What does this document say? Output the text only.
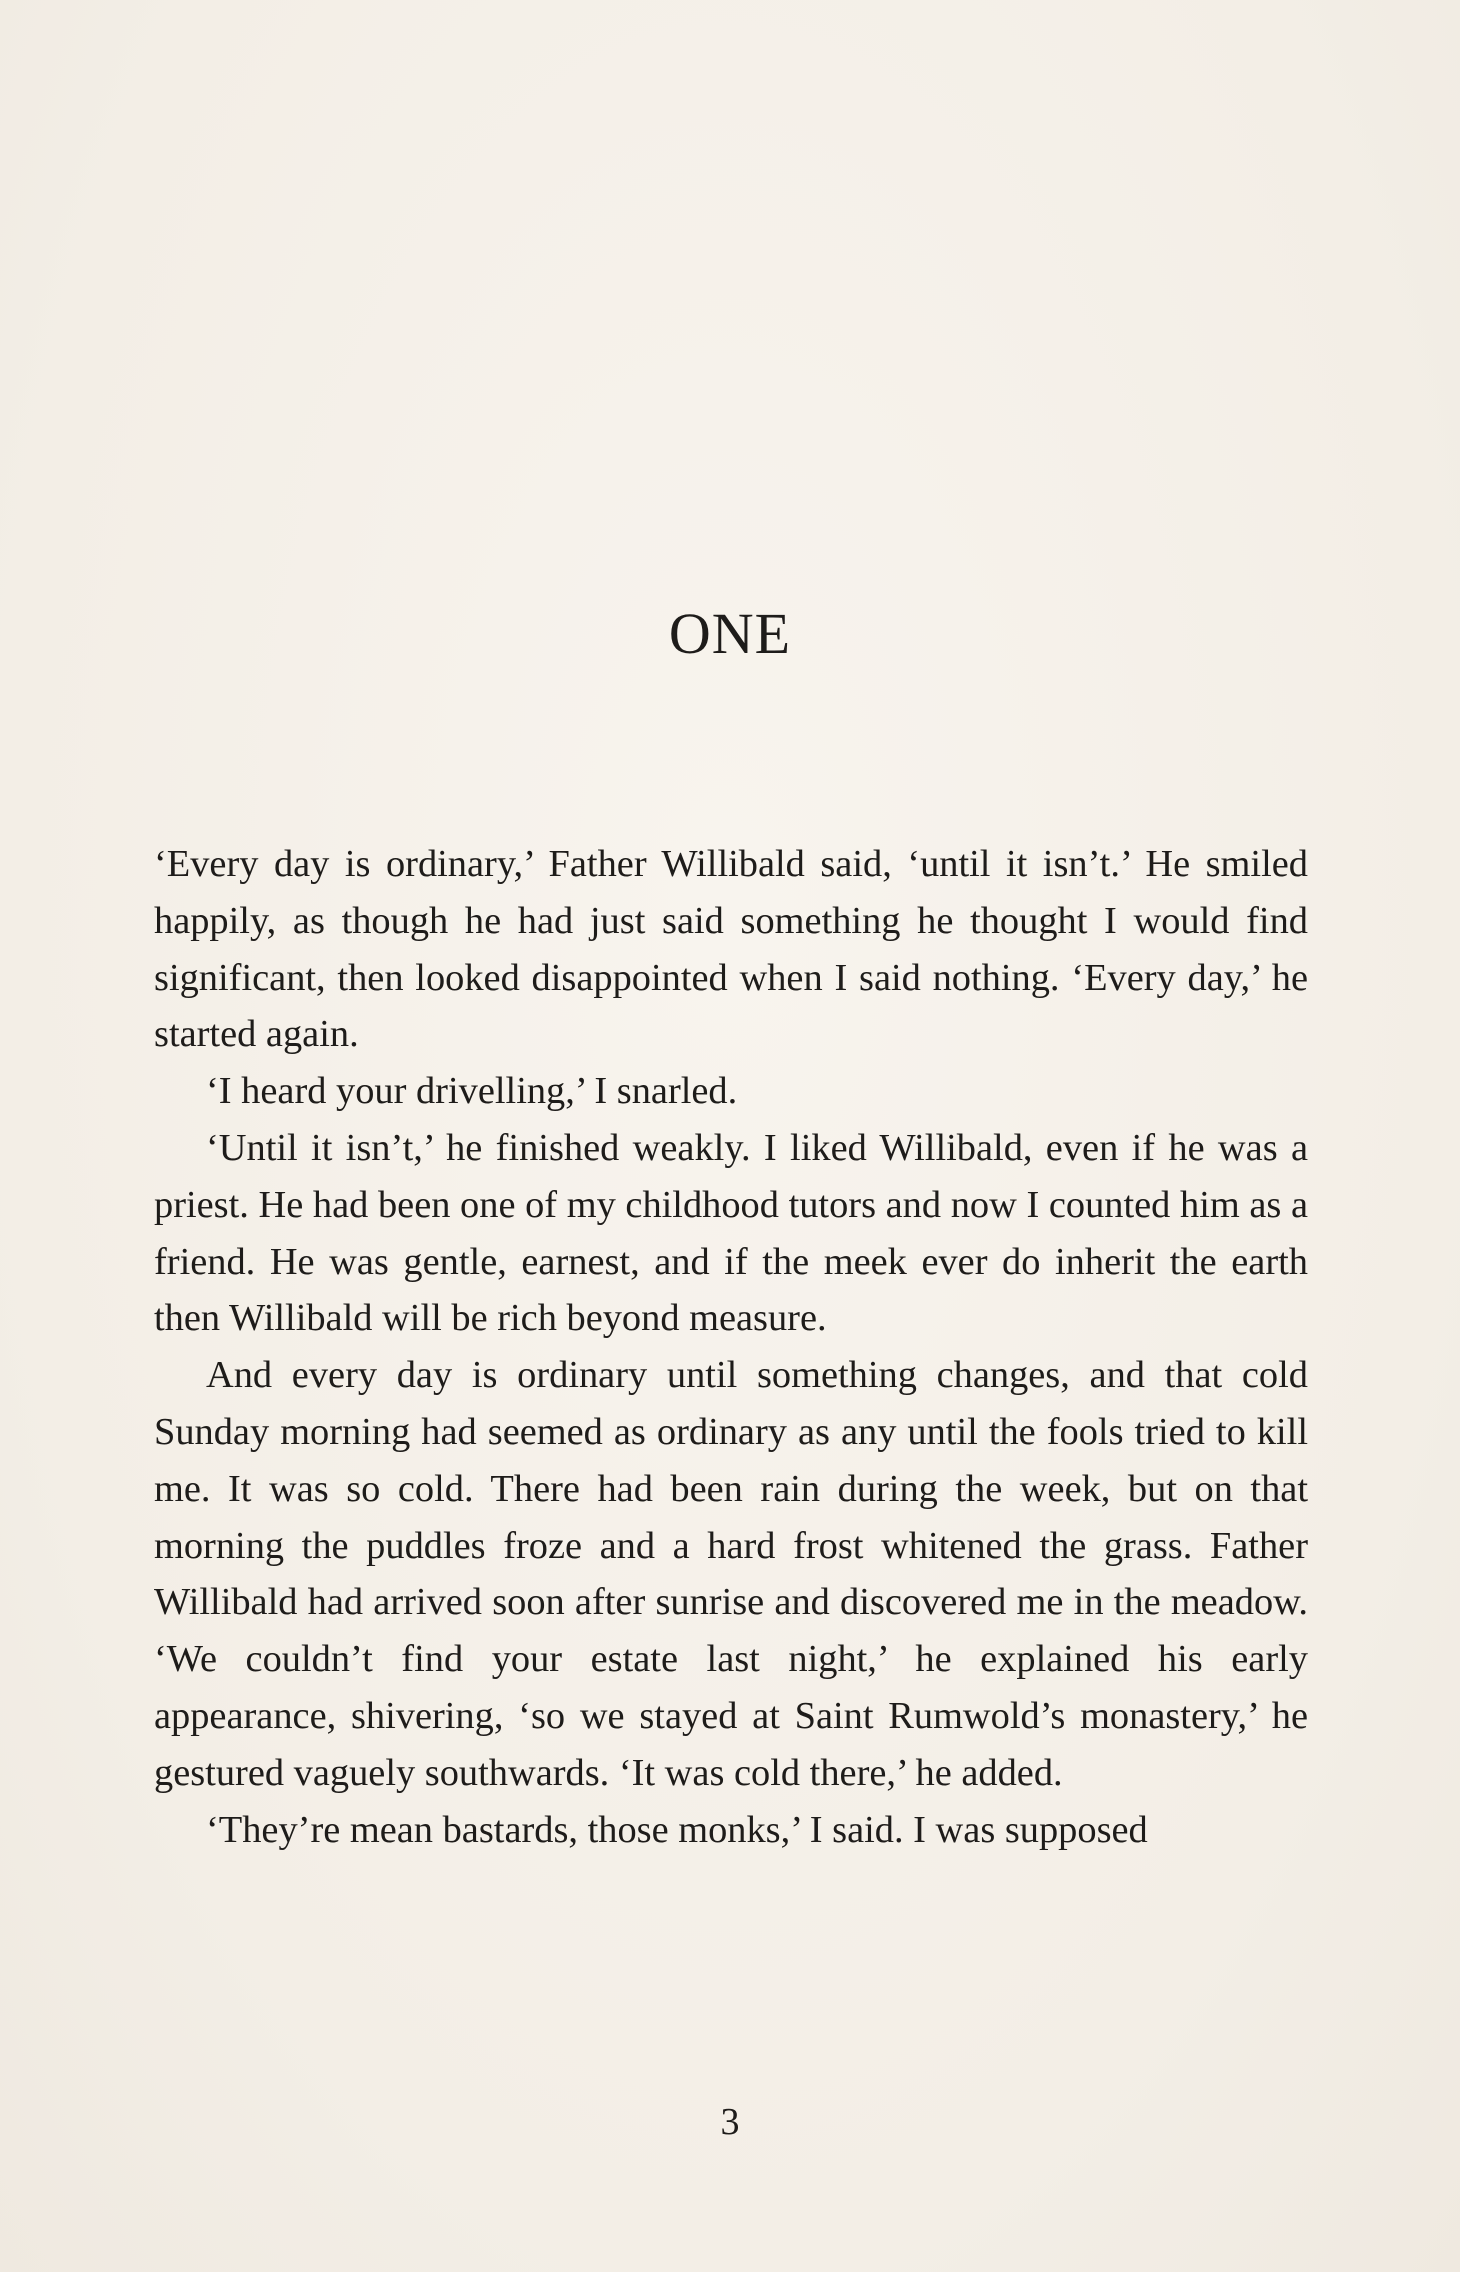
ONE

‘Every day is ordinary,’ Father Willibald said, ‘until it isn’t.’ He smiled happily, as though he had just said something he thought I would find significant, then looked disappointed when I said nothing. ‘Every day,’ he started again.

‘I heard your drivelling,’ I snarled.

‘Until it isn’t,’ he finished weakly. I liked Willibald, even if he was a priest. He had been one of my childhood tutors and now I counted him as a friend. He was gentle, earnest, and if the meek ever do inherit the earth then Willibald will be rich beyond measure.

And every day is ordinary until something changes, and that cold Sunday morning had seemed as ordinary as any until the fools tried to kill me. It was so cold. There had been rain during the week, but on that morning the puddles froze and a hard frost whitened the grass. Father Willibald had arrived soon after sunrise and discovered me in the meadow. ‘We couldn’t find your estate last night,’ he explained his early appearance, shivering, ‘so we stayed at Saint Rumwold’s monastery,’ he gestured vaguely southwards. ‘It was cold there,’ he added.

‘They’re mean bastards, those monks,’ I said. I was supposed

3
